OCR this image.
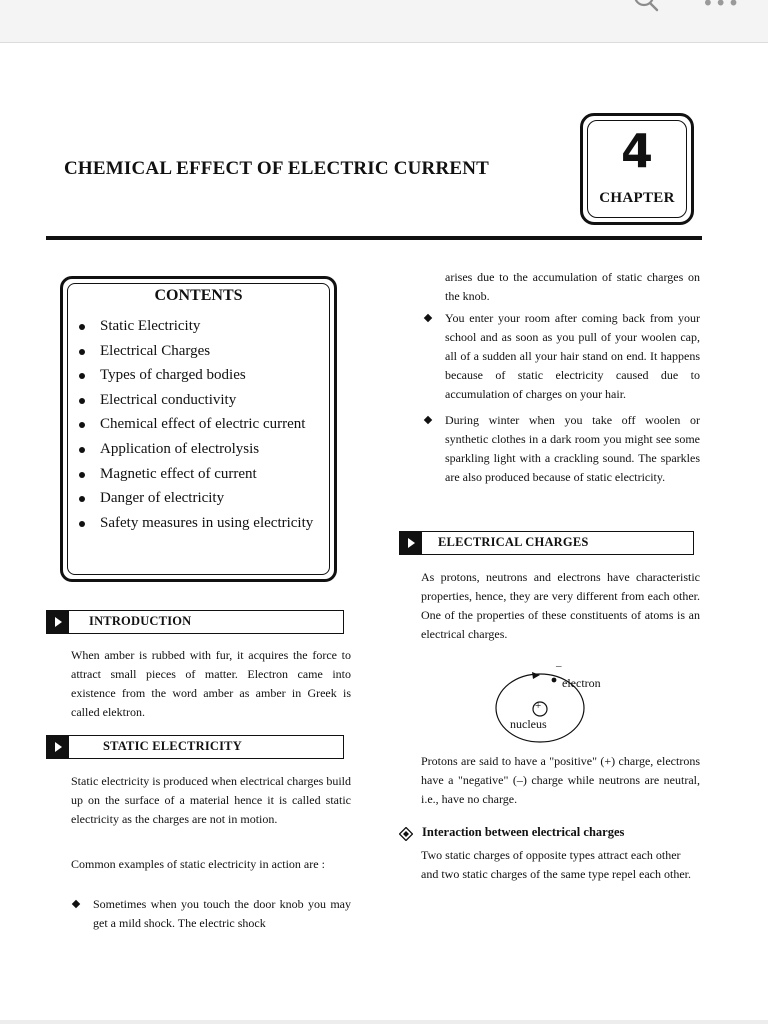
•••
CHEMICAL EFFECT OF ELECTRIC CURRENT	4
CHAPTER
CONTENTS
Static Electricity
Electrical Charges
Types of charged bodies
Electrical conductivity
Chemical effect of electric current
Application of electrolysis
Magnetic effect of current
Danger of electricity
Safety measures in using electricity
INTRODUCTION
When amber is rubbed with fur, it acquires the force to attract small pieces of matter. Electron came into existence from the word amber as amber in Greek is called elektron.
STATIC ELECTRICITY
Static electricity is produced when electrical charges build up on the surface of a material hence it is called static electricity as the charges are not in motion.
Common examples of static electricity in action are :
Sometimes when you touch the door knob you may get a mild shock. The electric shock
arises due to the accumulation of static charges on the knob.
You enter your room after coming back from your school and as soon as you pull of your woolen cap, all of a sudden all your hair stand on end. It happens because of static electricity caused due to accumulation of charges on your hair.
During winter when you take off woolen or synthetic clothes in a dark room you might see some sparkling light with a crackling sound. The sparkles are also produced because of static electricity.
ELECTRICAL CHARGES
As protons, neutrons and electrons have characteristic properties, hence, they are very different from each other. One of the properties of these constituents of atoms is an electrical charges.
+
–
electron
nucleus
Protons are said to have a "positive" (+) charge, electrons have a "negative" (–) charge while neutrons are neutral, i.e., have no charge.
Interaction between electrical charges
Two static charges of opposite types attract each other and two static charges of the same type repel each other.
